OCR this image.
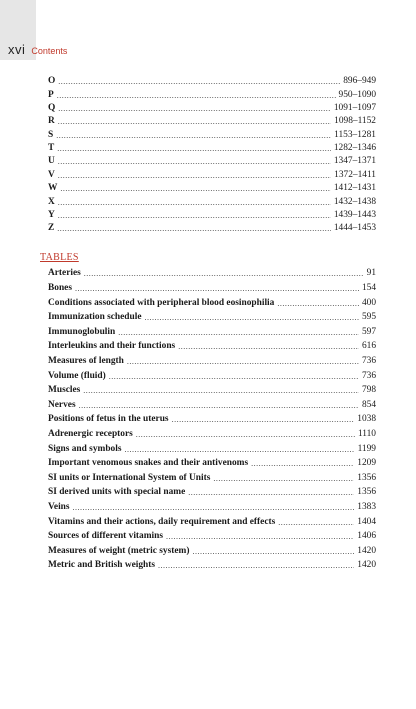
xvi Contents
O .....	896–949
P .....	950–1090
Q .....	1091–1097
R .....	1098–1152
S .....	1153–1281
T .....	1282–1346
U .....	1347–1371
V .....	1372–1411
W .....	1412–1431
X .....	1432–1438
Y .....	1439–1443
Z .....	1444–1453
TABLES
Arteries .....	91
Bones .....	154
Conditions associated with peripheral blood eosinophilia .....	400
Immunization schedule .....	595
Immunoglobulin .....	597
Interleukins and their functions .....	616
Measures of length .....	736
Volume (fluid) .....	736
Muscles .....	798
Nerves .....	854
Positions of fetus in the uterus .....	1038
Adrenergic receptors .....	1110
Signs and symbols .....	1199
Important venomous snakes and their antivenoms .....	1209
SI units or International System of Units .....	1356
SI derived units with special name .....	1356
Veins .....	1383
Vitamins and their actions, daily requirement and effects .....	1404
Sources of different vitamins .....	1406
Measures of weight (metric system) .....	1420
Metric and British weights .....	1420
